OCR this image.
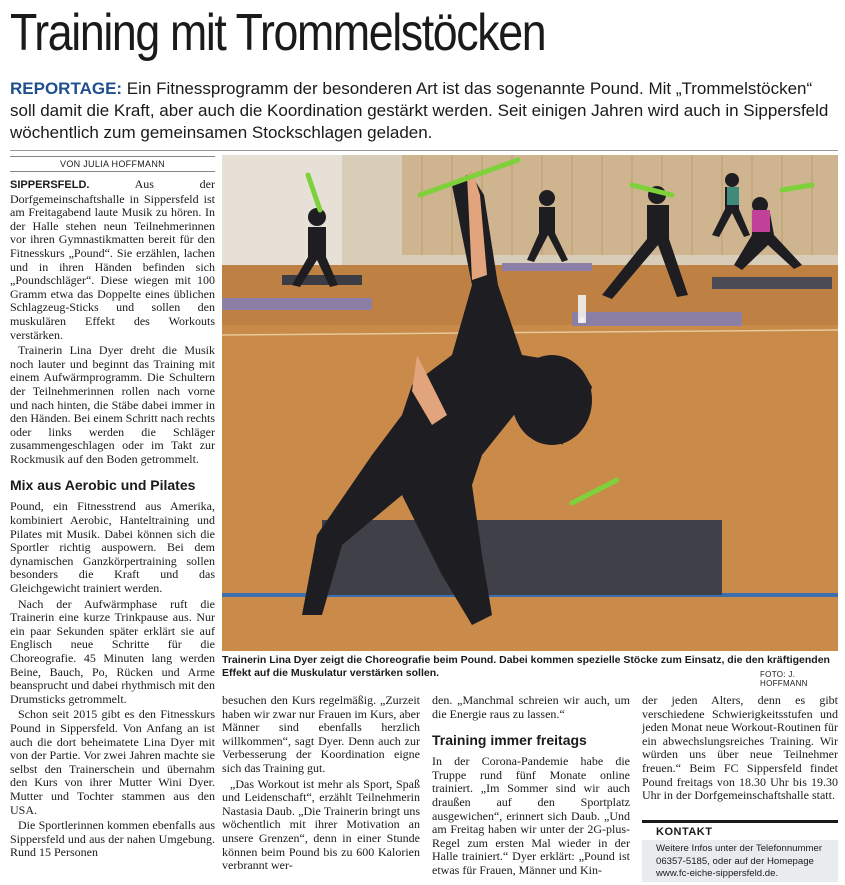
Training mit Trommelstöcken
REPORTAGE: Ein Fitnessprogramm der besonderen Art ist das sogenannte Pound. Mit „Trommelstöcken“ soll damit die Kraft, aber auch die Koordination gestärkt werden. Seit einigen Jahren wird auch in Sippersfeld wöchentlich zum gemeinsamen Stockschlagen geladen.
VON JULIA HOFFMANN

SIPPERSFELD. Aus der Dorfgemeinschaftshalle in Sippersfeld ist am Freitagabend laute Musik zu hören. In der Halle stehen neun Teilnehmerinnen vor ihren Gymnastikmatten bereit für den Fitnesskurs „Pound“. Sie erzählen, lachen und in ihren Händen befinden sich „Poundschläger“. Diese wiegen mit 100 Gramm etwa das Doppelte eines üblichen Schlagzeug-Sticks und sollen den muskulären Effekt des Workouts verstärken.

Trainerin Lina Dyer dreht die Musik noch lauter und beginnt das Training mit einem Aufwärmprogramm. Die Schultern der Teilnehmerinnen rollen nach vorne und nach hinten, die Stäbe dabei immer in den Händen. Bei einem Schritt nach rechts oder links werden die Schläger zusammengeschlagen oder im Takt zur Rockmusik auf den Boden getrommelt.

Mix aus Aerobic und Pilates

Pound, ein Fitnesstrend aus Amerika, kombiniert Aerobic, Hanteltraining und Pilates mit Musik. Dabei können sich die Sportler richtig auspowern. Bei dem dynamischen Ganzkörpertraining sollen besonders die Kraft und das Gleichgewicht trainiert werden.

Nach der Aufwärmphase ruft die Trainerin eine kurze Trinkpause aus. Nur ein paar Sekunden später erklärt sie auf Englisch neue Schritte für die Choreografie. 45 Minuten lang werden Beine, Bauch, Po, Rücken und Arme beansprucht und dabei rhythmisch mit den Drumsticks getrommelt.

Schon seit 2015 gibt es den Fitnesskurs Pound in Sippersfeld. Von Anfang an ist auch die dort beheimatete Lina Dyer mit von der Partie. Vor zwei Jahren machte sie selbst den Trainerschein und übernahm den Kurs von ihrer Mutter Wini Dyer. Mutter und Tochter stammen aus den USA.

Die Sportlerinnen kommen ebenfalls aus Sippersfeld und aus der nahen Umgebung. Rund 15 Personen

Trainerin Lina Dyer zeigt die Choreografie beim Pound. Dabei kommen spezielle Stöcke zum Einsatz, die den kräftigenden Effekt auf die Muskulatur verstärken sollen.	FOTO: J. HOFFMANN

besuchen den Kurs regelmäßig. „Zurzeit haben wir zwar nur Frauen im Kurs, aber Männer sind ebenfalls herzlich willkommen“, sagt Dyer. Denn auch zur Verbesserung der Koordination eigne sich das Training gut.

„Das Workout ist mehr als Sport, Spaß und Leidenschaft“, erzählt Teilnehmerin Nastasia Daub. „Die Trainerin bringt uns wöchentlich mit ihrer Motivation an unsere Grenzen“, denn in einer Stunde können beim Pound bis zu 600 Kalorien verbrannt wer-

den. „Manchmal schreien wir auch, um die Energie raus zu lassen.“

Training immer freitags

In der Corona-Pandemie habe die Truppe rund fünf Monate online trainiert. „Im Sommer sind wir auch draußen auf den Sportplatz ausgewichen“, erinnert sich Daub. „Und am Freitag haben wir unter der 2G-plus-Regel zum ersten Mal wieder in der Halle trainiert.“ Dyer erklärt: „Pound ist etwas für Frauen, Männer und Kin-

der jeden Alters, denn es gibt verschiedene Schwierigkeitsstufen und jeden Monat neue Workout-Routinen für ein abwechslungsreiches Training. Wir würden uns über neue Teilnehmer freuen.“ Beim FC Sippersfeld findet Pound freitags von 18.30 Uhr bis 19.30 Uhr in der Dorfgemeinschaftshalle statt.

KONTAKT
Weitere Infos unter der Telefonnummer
06357-5185, oder auf der Homepage
www.fc-eiche-sippersfeld.de.
